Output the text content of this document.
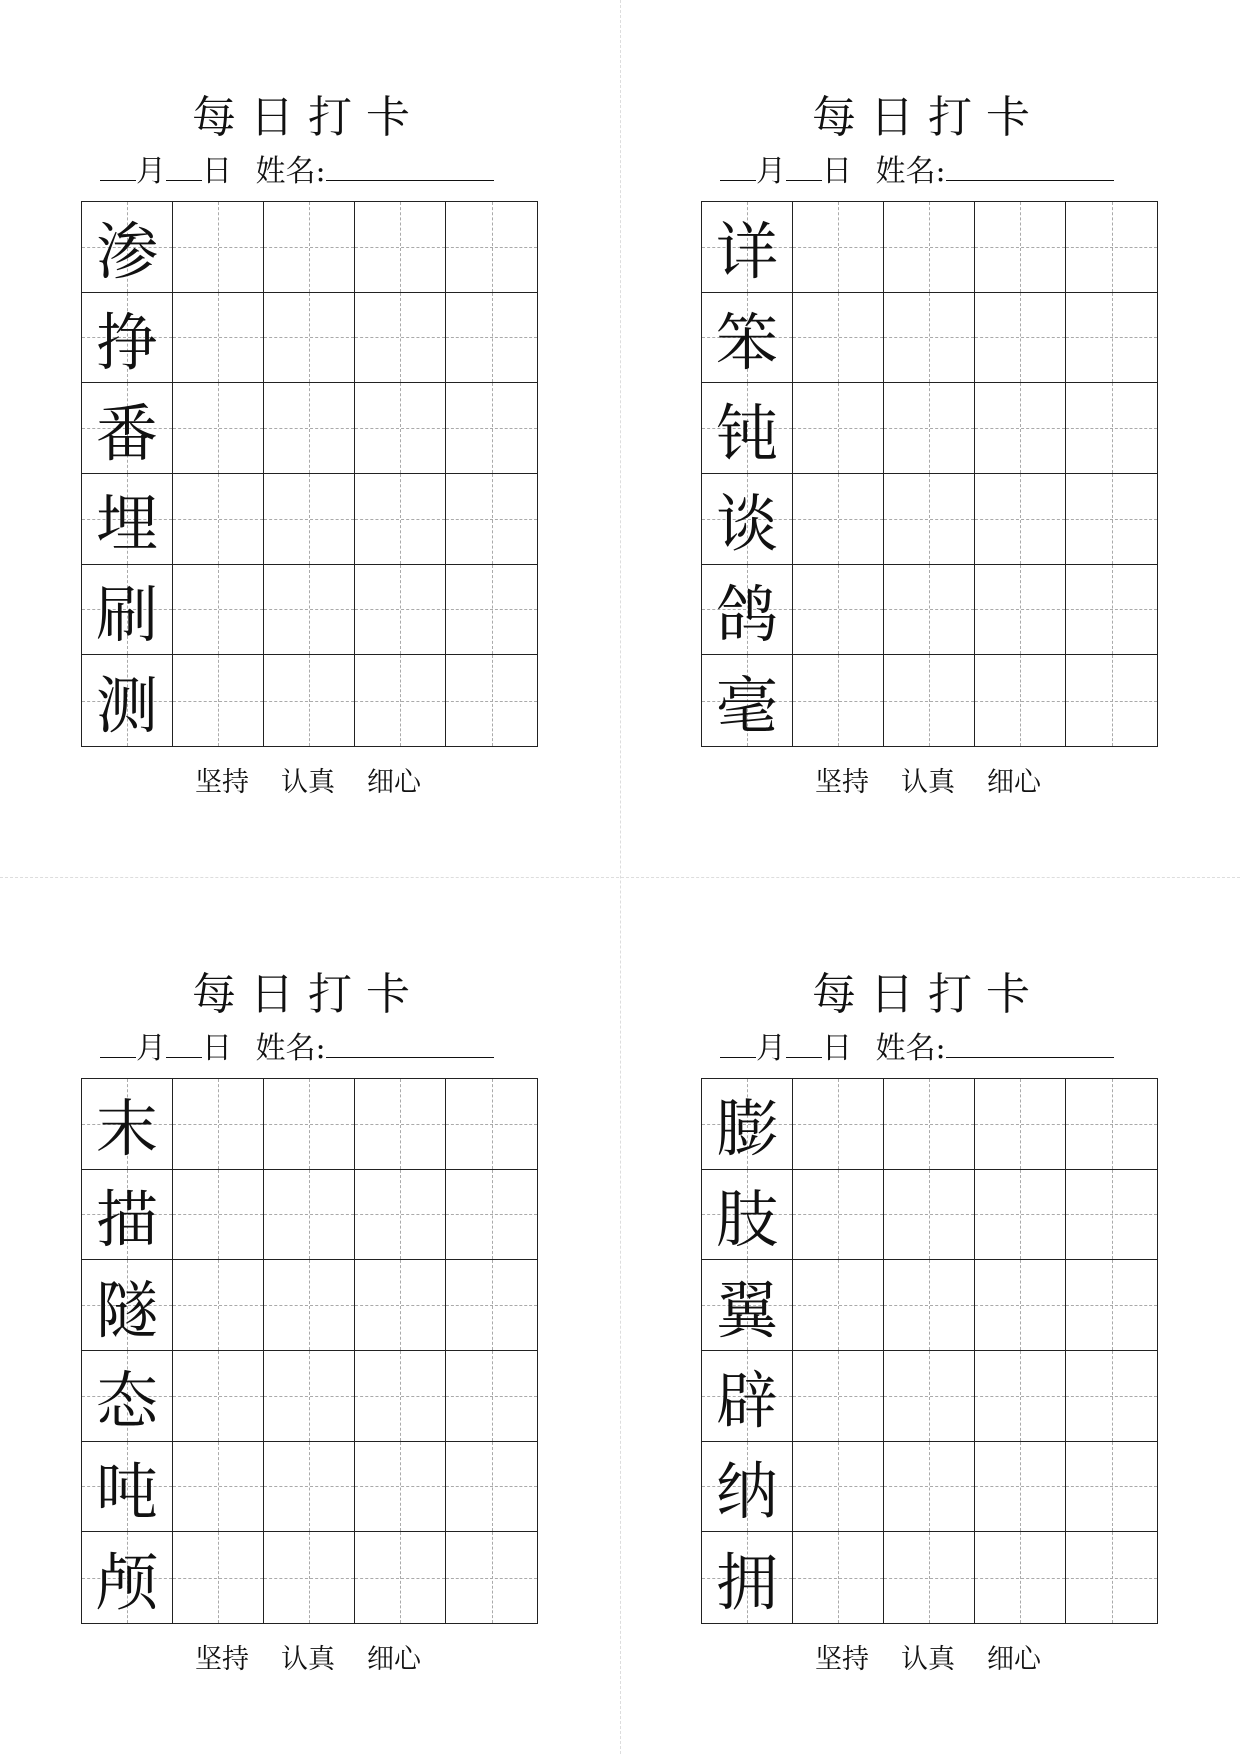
每日打卡
月 日 姓名:
渗
挣
番
埋
刷
测
坚持 认真 细心
每日打卡
月 日 姓名:
详
笨
钝
谈
鸽
毫
坚持 认真 细心
每日打卡
月 日 姓名:
末
描
隧
态
吨
颅
坚持 认真 细心
每日打卡
月 日 姓名:
膨
肢
翼
辟
纳
拥
坚持 认真 细心
